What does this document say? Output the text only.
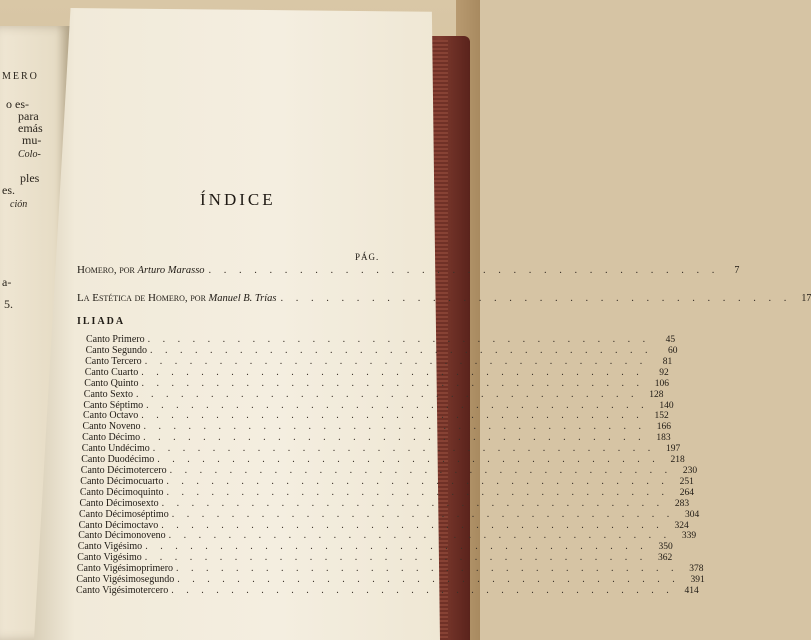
MERO
o es-
para
emás
mu-
Colo-
ples
es.
ción
a-
5.
ÍNDICE
PÁG.
Homero, por
Arturo Marasso . . . . . . . . . . . . . . . . . . . . . . . . . . . . . . . . . .	7
La Estética de Homero, por
Manuel B. Trías . . . . . . . . . . . . . . . . . . . . . . . . . . . . . . . . . .	17
ILIADA
Canto Primero . . . . . . . . . . . . . . . . . . . . . . . . . . . . . . . . . .	45
Canto Segundo . . . . . . . . . . . . . . . . . . . . . . . . . . . . . . . . . .	60
Canto Tercero . . . . . . . . . . . . . . . . . . . . . . . . . . . . . . . . . .	81
Canto Cuarto . . . . . . . . . . . . . . . . . . . . . . . . . . . . . . . . . .	92
Canto Quinto . . . . . . . . . . . . . . . . . . . . . . . . . . . . . . . . . .	106
Canto Sexto . . . . . . . . . . . . . . . . . . . . . . . . . . . . . . . . . .	128
Canto Séptimo . . . . . . . . . . . . . . . . . . . . . . . . . . . . . . . . . .	140
Canto Octavo . . . . . . . . . . . . . . . . . . . . . . . . . . . . . . . . . .	152
Canto Noveno . . . . . . . . . . . . . . . . . . . . . . . . . . . . . . . . . .	166
Canto Décimo . . . . . . . . . . . . . . . . . . . . . . . . . . . . . . . . . .	183
Canto Undécimo . . . . . . . . . . . . . . . . . . . . . . . . . . . . . . . . . .	197
Canto Duodécimo . . . . . . . . . . . . . . . . . . . . . . . . . . . . . . . . . .	218
Canto Décimotercero . . . . . . . . . . . . . . . . . . . . . . . . . . . . . . . . . .	230
Canto Décimocuarto . . . . . . . . . . . . . . . . . . . . . . . . . . . . . . . . . .	251
Canto Décimoquinto . . . . . . . . . . . . . . . . . . . . . . . . . . . . . . . . . .	264
Canto Décimosexto . . . . . . . . . . . . . . . . . . . . . . . . . . . . . . . . . .	283
Canto Décimoséptimo . . . . . . . . . . . . . . . . . . . . . . . . . . . . . . . . . .	304
Canto Décimoctavo . . . . . . . . . . . . . . . . . . . . . . . . . . . . . . . . . .	324
Canto Décimonoveno . . . . . . . . . . . . . . . . . . . . . . . . . . . . . . . . . .	339
Canto Vigésimo . . . . . . . . . . . . . . . . . . . . . . . . . . . . . . . . . .	350
Canto Vigésimo . . . . . . . . . . . . . . . . . . . . . . . . . . . . . . . . . .	362
Canto Vigésimoprimero . . . . . . . . . . . . . . . . . . . . . . . . . . . . . . . . . .	378
Canto Vigésimosegundo . . . . . . . . . . . . . . . . . . . . . . . . . . . . . . . . . .	391
Canto Vigésimotercero . . . . . . . . . . . . . . . . . . . . . . . . . . . . . . . . . .	414
